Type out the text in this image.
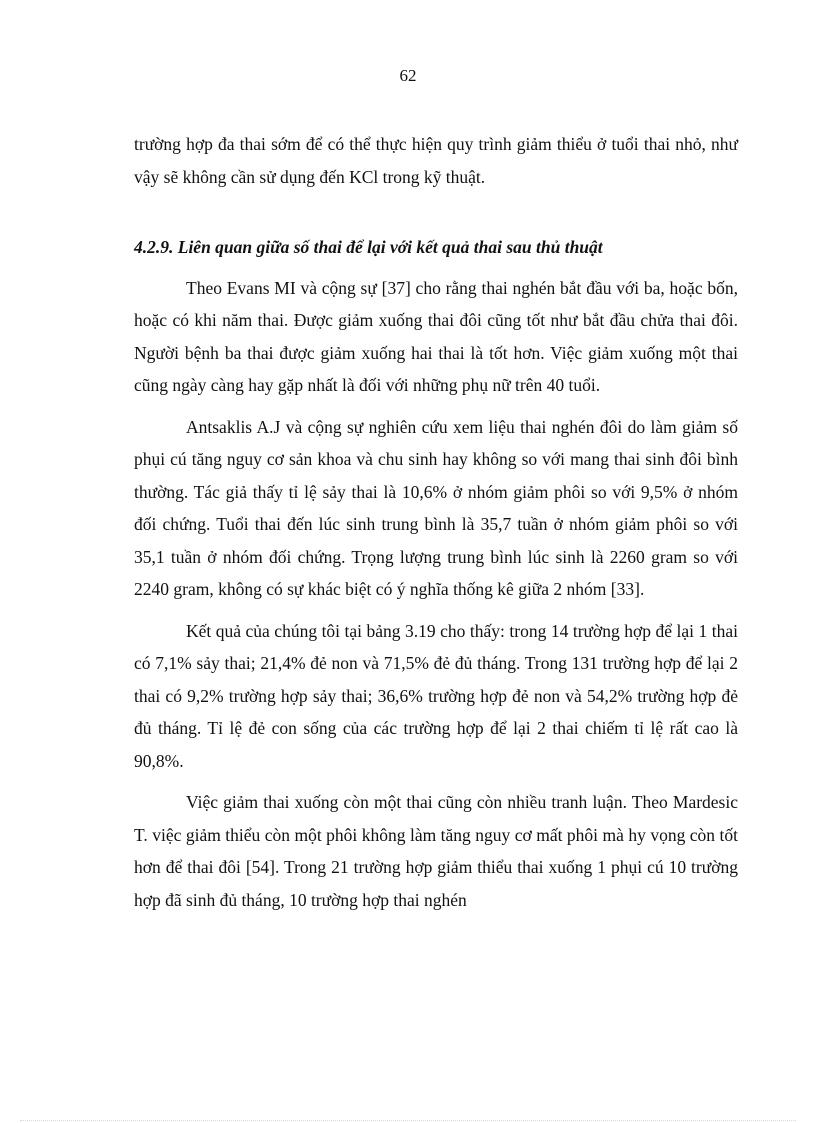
62

trường hợp đa thai sớm để có thể thực hiện quy trình giảm thiểu ở tuổi thai nhỏ, như vậy sẽ không cần sử dụng đến KCl trong kỹ thuật.

4.2.9. Liên quan giữa số thai để lại với kết quả thai sau thủ thuật

Theo Evans MI và cộng sự [37] cho rằng thai nghén bắt đầu với ba, hoặc bốn, hoặc có khi năm thai. Được giảm xuống thai đôi cũng tốt như bắt đầu chửa thai đôi. Người bệnh ba thai được giảm xuống hai thai là tốt hơn. Việc giảm xuống một thai cũng ngày càng hay gặp nhất là đối với những phụ nữ trên 40 tuổi.

Antsaklis A.J và cộng sự nghiên cứu xem liệu thai nghén đôi do làm giảm số phụi cú tăng nguy cơ sản khoa và chu sinh hay không so với mang thai sinh đôi bình thường. Tác giả thấy tỉ lệ sảy thai là 10,6% ở nhóm giảm phôi so với 9,5% ở nhóm đối chứng. Tuổi thai đến lúc sinh trung bình là 35,7 tuần ở nhóm giảm phôi so với 35,1 tuần ở nhóm đối chứng. Trọng lượng trung bình lúc sinh là 2260 gram so với 2240 gram, không có sự khác biệt có ý nghĩa thống kê giữa 2 nhóm [33].

Kết quả của chúng tôi tại bảng 3.19 cho thấy: trong 14 trường hợp để lại 1 thai có 7,1% sảy thai; 21,4% đẻ non và 71,5% đẻ đủ tháng. Trong 131 trường hợp để lại 2 thai có 9,2% trường hợp sảy thai; 36,6% trường hợp đẻ non và 54,2% trường hợp đẻ đủ tháng. Tỉ lệ đẻ con sống của các trường hợp để lại 2 thai chiếm tỉ lệ rất cao là 90,8%.

Việc giảm thai xuống còn một thai cũng còn nhiều tranh luận. Theo Mardesic T. việc giảm thiểu còn một phôi không làm tăng nguy cơ mất phôi mà hy vọng còn tốt hơn để thai đôi [54]. Trong 21 trường hợp giảm thiểu thai xuống 1 phụi cú 10 trường hợp đã sinh đủ tháng, 10 trường hợp thai nghén
